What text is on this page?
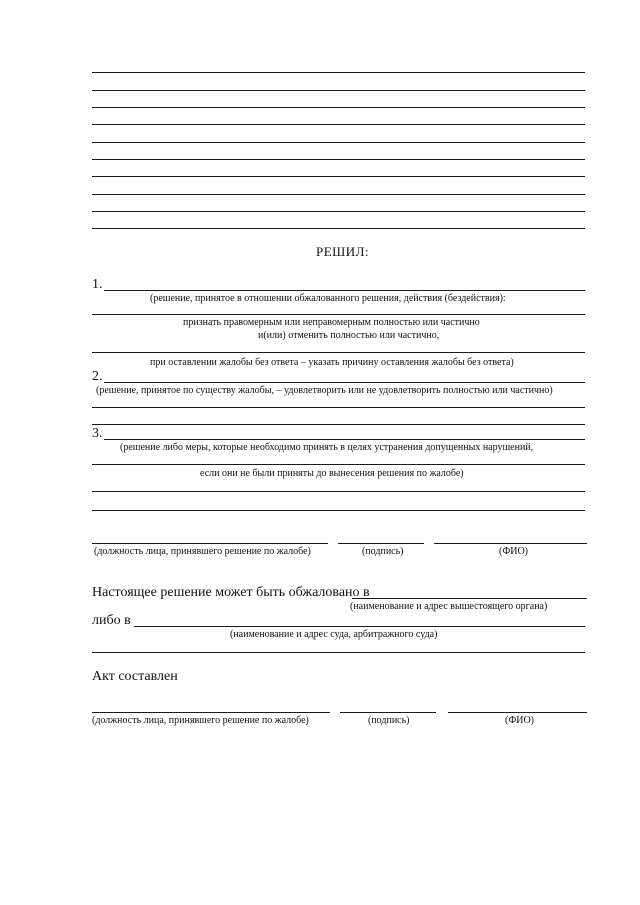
РЕШИЛ:
1.
(решение, принятое в отношении обжалованного решения, действия (бездействия):
признать правомерным или неправомерным полностью или частично
и(или) отменить полностью или частично,
при оставлении жалобы без ответа – указать причину оставления жалобы без ответа)
2.
(решение, принятое по существу жалобы, – удовлетворить или не удовлетворить полностью или частично)
3.
(решение либо меры, которые необходимо принять в целях устранения допущенных нарушений,
если они не были приняты до вынесения решения по жалобе)
(должность лица, принявшего решение по жалобе)	(подпись)	(ФИО)
Настоящее решение может быть обжаловано в
(наименование и адрес вышестоящего органа)
либо в
(наименование и адрес суда, арбитражного суда)
Акт составлен
(должность лица, принявшего решение по жалобе)	(подпись)	(ФИО)
